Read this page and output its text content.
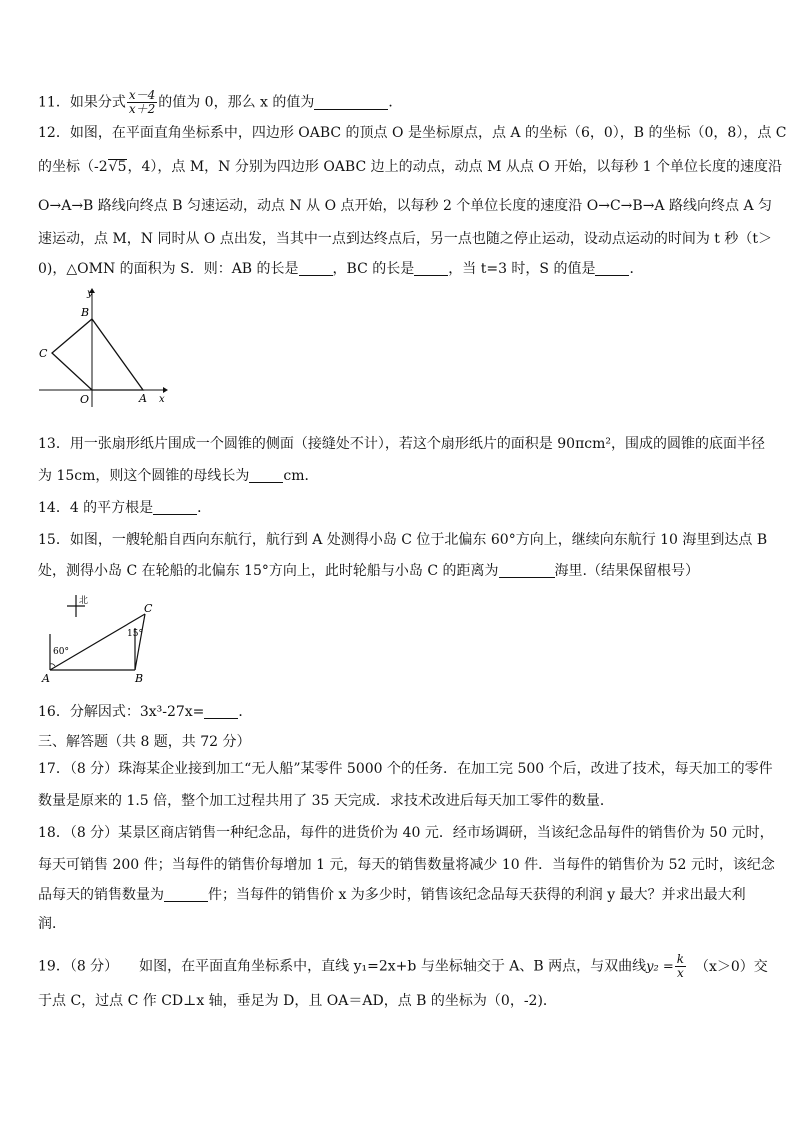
11．如果分式 $\frac{x-4}{x+2}$ 的值为 0，那么 x 的值为	．
12．如图，在平面直角坐标系中，四边形 OABC 的顶点 O 是坐标原点，点 A 的坐标（6，0），B 的坐标（0，8），点 C
的坐标（-2√5，4），点 M，N 分别为四边形 OABC 边上的动点，动点 M 从点 O 开始，以每秒 1 个单位长度的速度沿
O→A→B 路线向终点 B 匀速运动，动点 N 从 O 点开始，以每秒 2 个单位长度的速度沿 O→C→B→A 路线向终点 A 匀
速运动，点 M，N 同时从 O 点出发，当其中一点到达终点后，另一点也随之停止运动，设动点运动的时间为 t 秒（t＞
0)，△OMN 的面积为 S．则：AB 的长是 ，BC 的长是 ，当 t=3 时，S 的值是 ．
y
x
B
C
O	A
13．用一张扇形纸片围成一个圆锥的侧面（接缝处不计），若这个扇形纸片的面积是 90πcm²，围成的圆锥的底面半径
为 15cm，则这个圆锥的母线长为 cm．
14．4 的平方根是	．
15．如图，一艘轮船自西向东航行，航行到 A 处测得小岛 C 位于北偏东 60°方向上，继续向东航行 10 海里到达点 B
处，测得小岛 C 在轮船的北偏东 15°方向上，此时轮船与小岛 C 的距离为	海里.（结果保留根号）
北
60°
15°
A	B
C
16．分解因式：3x³-27x= ．
三、解答题（共 8 题，共 72 分）
17．（8 分）珠海某企业接到加工“无人船”某零件 5000 个的任务．在加工完 500 个后，改进了技术，每天加工的零件
数量是原来的 1.5 倍，整个加工过程共用了 35 天完成．求技术改进后每天加工零件的数量．
18．（8 分）某景区商店销售一种纪念品，每件的进货价为 40 元．经市场调研，当该纪念品每件的销售价为 50 元时，
每天可销售 200 件；当每件的销售价每增加 1 元，每天的销售数量将减少 10 件．当每件的销售价为 52 元时，该纪念
品每天的销售数量为	件；当每件的销售价 x 为多少时，销售该纪念品每天获得的利润 y 最大？并求出最大利
润．
19．（8 分）　　如图，在平面直角坐标系中，直线 y₁=2x+b 与坐标轴交于 A、B 两点，与双曲线$y_2 = \frac{k}{x} (x>0)$交
于点 C，过点 C 作 CD⊥x 轴，垂足为 D，且 OA＝AD，点 B 的坐标为（0，-2)．
